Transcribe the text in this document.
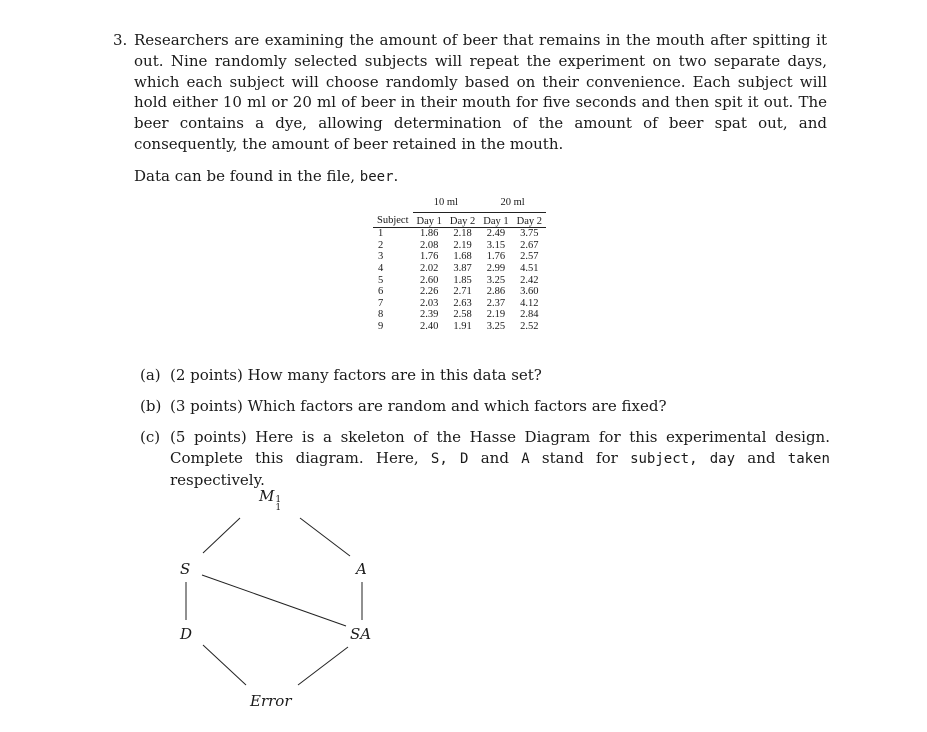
3. Researchers are examining the amount of beer that remains in the mouth after spitting it out. Nine randomly selected subjects will repeat the experiment on two separate days, which each subject will choose randomly based on their convenience. Each subject will hold either 10 ml or 20 ml of beer in their mouth for five seconds and then spit it out. The beer contains a dye, allowing determination of the amount of beer spat out, and consequently, the amount of beer retained in the mouth.
Data can be found in the file, beer.
	10 ml		20 ml	
Subject	Day 1	Day 2	Day 1	Day 2
1	1.86	2.18	2.49	3.75
2	2.08	2.19	3.15	2.67
3	1.76	1.68	1.76	2.57
4	2.02	3.87	2.99	4.51
5	2.60	1.85	3.25	2.42
6	2.26	2.71	2.86	3.60
7	2.03	2.63	2.37	4.12
8	2.39	2.58	2.19	2.84
9	2.40	1.91	3.25	2.52
(a) (2 points) How many factors are in this data set?
(b) (3 points) Which factors are random and which factors are fixed?
(c) (5 points) Here is a skeleton of the Hasse Diagram for this experimental design. Complete this diagram. Here, S, D and A stand for subject, day and taken respectively.
M 1
1
S	A
D	SA
Error
